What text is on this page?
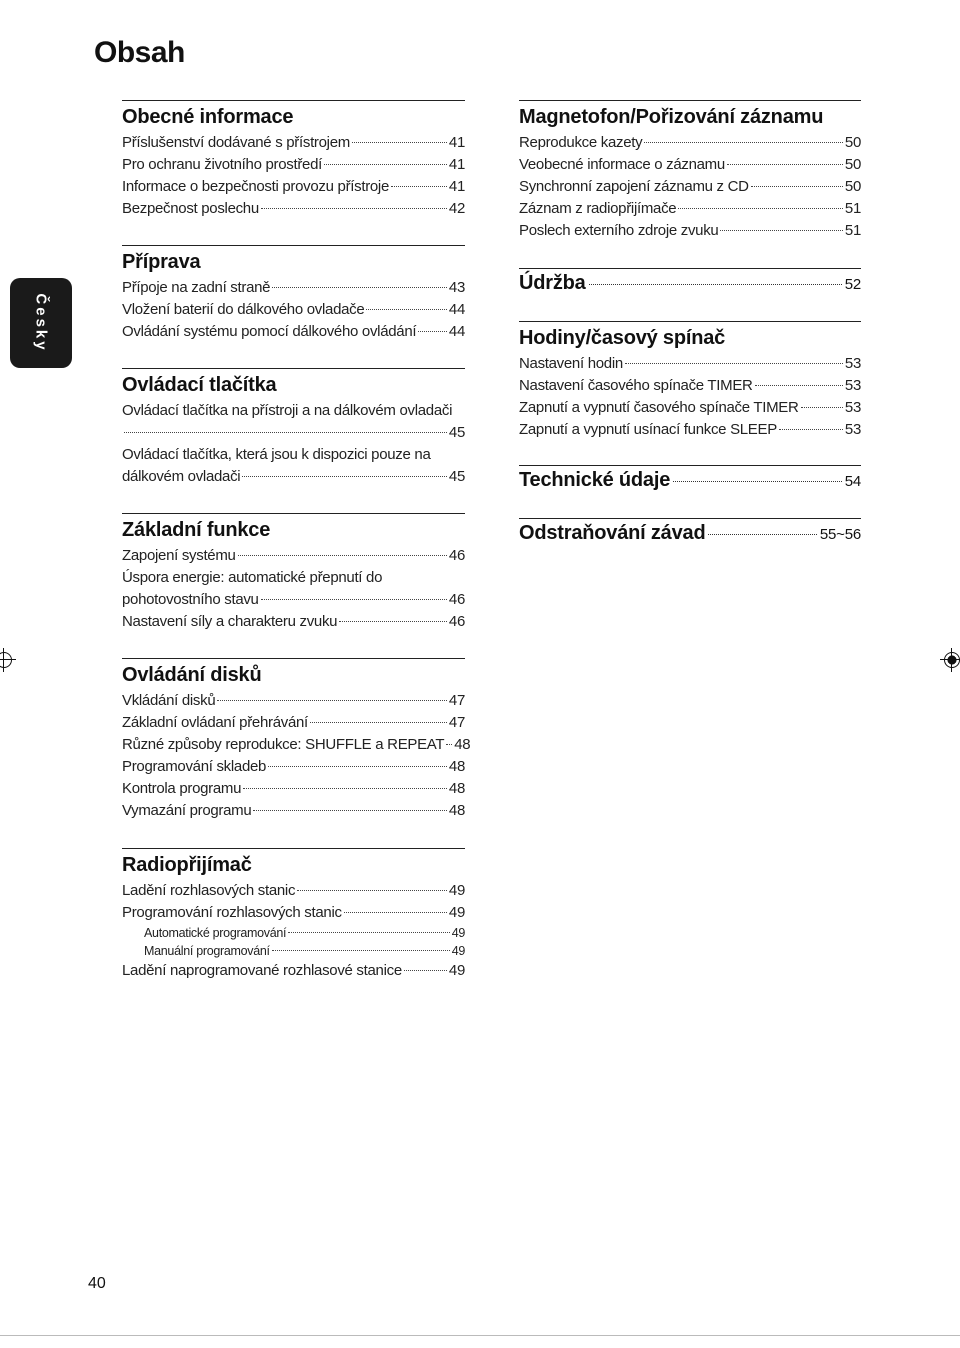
Obsah
Česky
Obecné informace
Příslušenství dodávané s přístrojem	41
Pro ochranu životního prostředí	41
Informace o bezpečnosti provozu přístroje	41
Bezpečnost poslechu	42
Příprava
Přípoje na zadní straně	43
Vložení baterií do dálkového ovladače	44
Ovládání systému pomocí dálkového ovládání 44
Ovládací tlačítka
Ovládací tlačítka na přístroji a na dálkovém ovladači
45
Ovládací tlačítka, která jsou k dispozici pouze na
dálkovém ovladači	45
Základní funkce
Zapojení systému	46
Úspora energie: automatické přepnutí do
pohotovostního stavu	46
Nastavení síly a charakteru zvuku	46
Ovládání disků
Vkládání disků	47
Základní ovládaní přehrávání	47
Různé způsoby reprodukce: SHUFFLE a REPEAT 48
Programování skladeb	48
Kontrola programu	48
Vymazání programu	48
Radiopřijímač
Ladění rozhlasových stanic	49
Programování rozhlasových stanic	49
Automatické programování	49
Manuální programování	49
Ladění naprogramované rozhlasové stanice	49
Magnetofon/Pořizování záznamu
Reprodukce kazety	50
Veobecné informace o záznamu	50
Synchronní zapojení záznamu z CD	50
Záznam z radiopřijímače	51
Poslech externího zdroje zvuku	51
Údržba	52
Hodiny/časový spínač
Nastavení hodin	53
Nastavení časového spínače TIMER	53
Zapnutí a vypnutí časového spínače TIMER	53
Zapnutí a vypnutí usínací funkce SLEEP	53
Technické údaje	54
Odstraňování závad	55~56
40
